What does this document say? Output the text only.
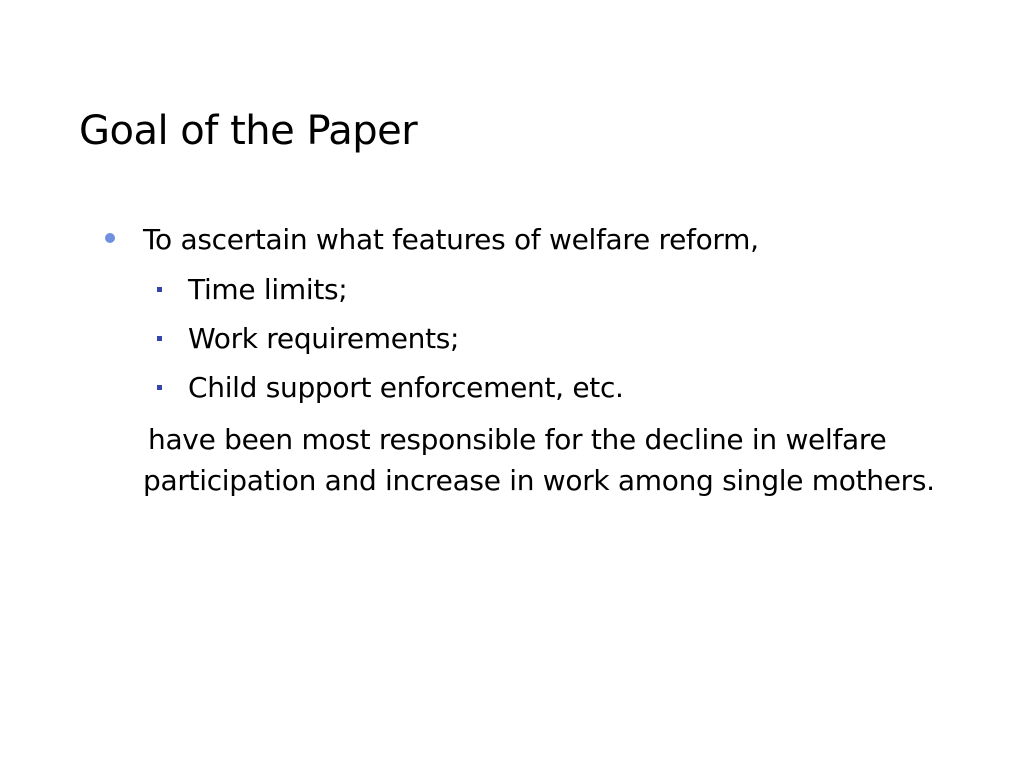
Goal of the Paper
To ascertain what features of welfare reform,
Time limits;
Work requirements;
Child support enforcement, etc.

have been most responsible for the decline in welfare participation and increase in work among single mothers.
